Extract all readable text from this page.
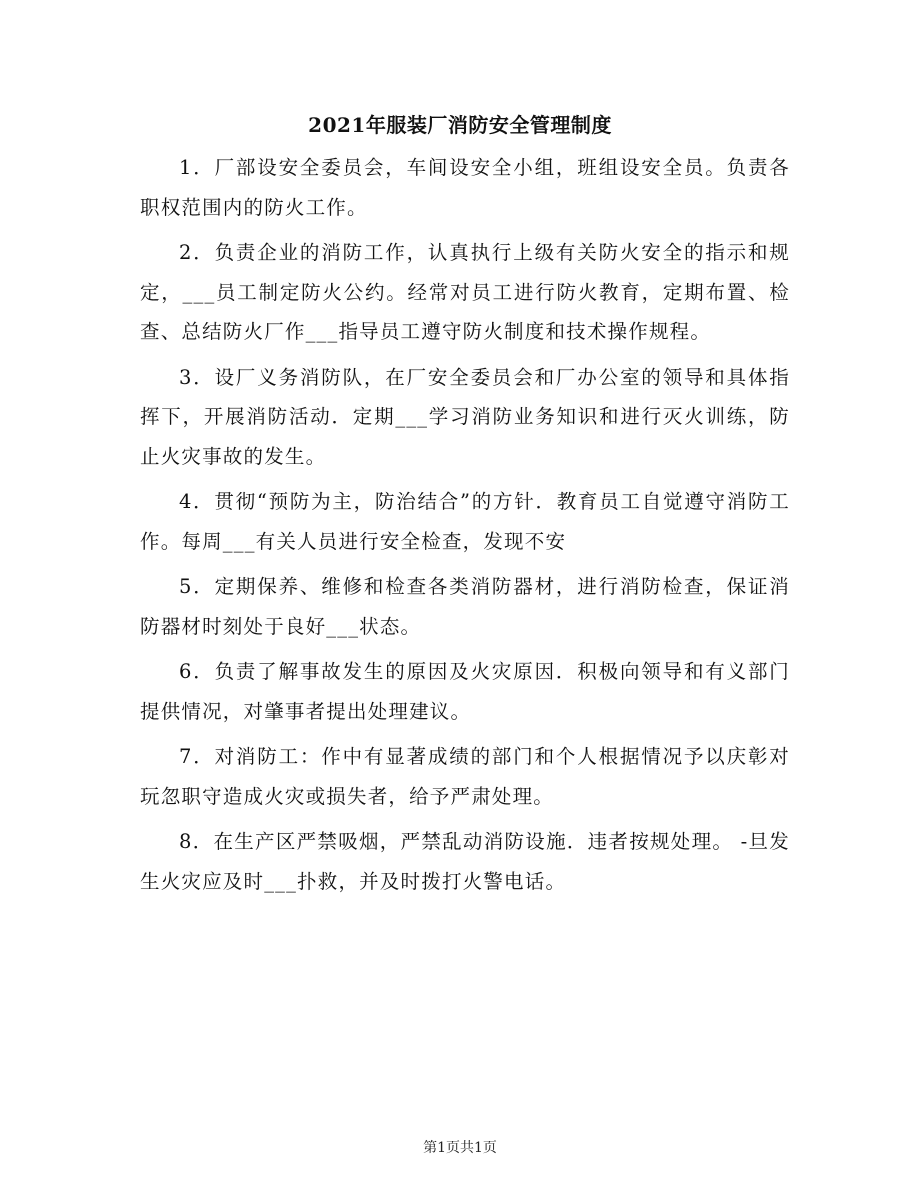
2021年服装厂消防安全管理制度

1．厂部设安全委员会，车间设安全小组，班组设安全员。负责各职权范围内的防火工作。

2．负责企业的消防工作，认真执行上级有关防火安全的指示和规定，___员工制定防火公约。经常对员工进行防火教育，定期布置、检查、总结防火厂作___指导员工遵守防火制度和技术操作规程。

3．设厂义务消防队，在厂安全委员会和厂办公室的领导和具体指挥下，开展消防活动．定期___学习消防业务知识和进行灭火训练，防止火灾事故的发生。

4．贯彻“预防为主，防治结合”的方针．教育员工自觉遵守消防工作。每周___有关人员进行安全检查，发现不安

5．定期保养、维修和检查各类消防器材，进行消防检查，保证消防器材时刻处于良好___状态。

6．负责了解事故发生的原因及火灾原因．积极向领导和有义部门提供情况，对肇事者提出处理建议。

7．对消防工：作中有显著成绩的部门和个人根据情况予以庆彰对玩忽职守造成火灾或损失者，给予严肃处理。

8．在生产区严禁吸烟，严禁乱动消防设施．违者按规处理。 -旦发生火灾应及时___扑救，并及时拨打火警电话。

第1页共1页
